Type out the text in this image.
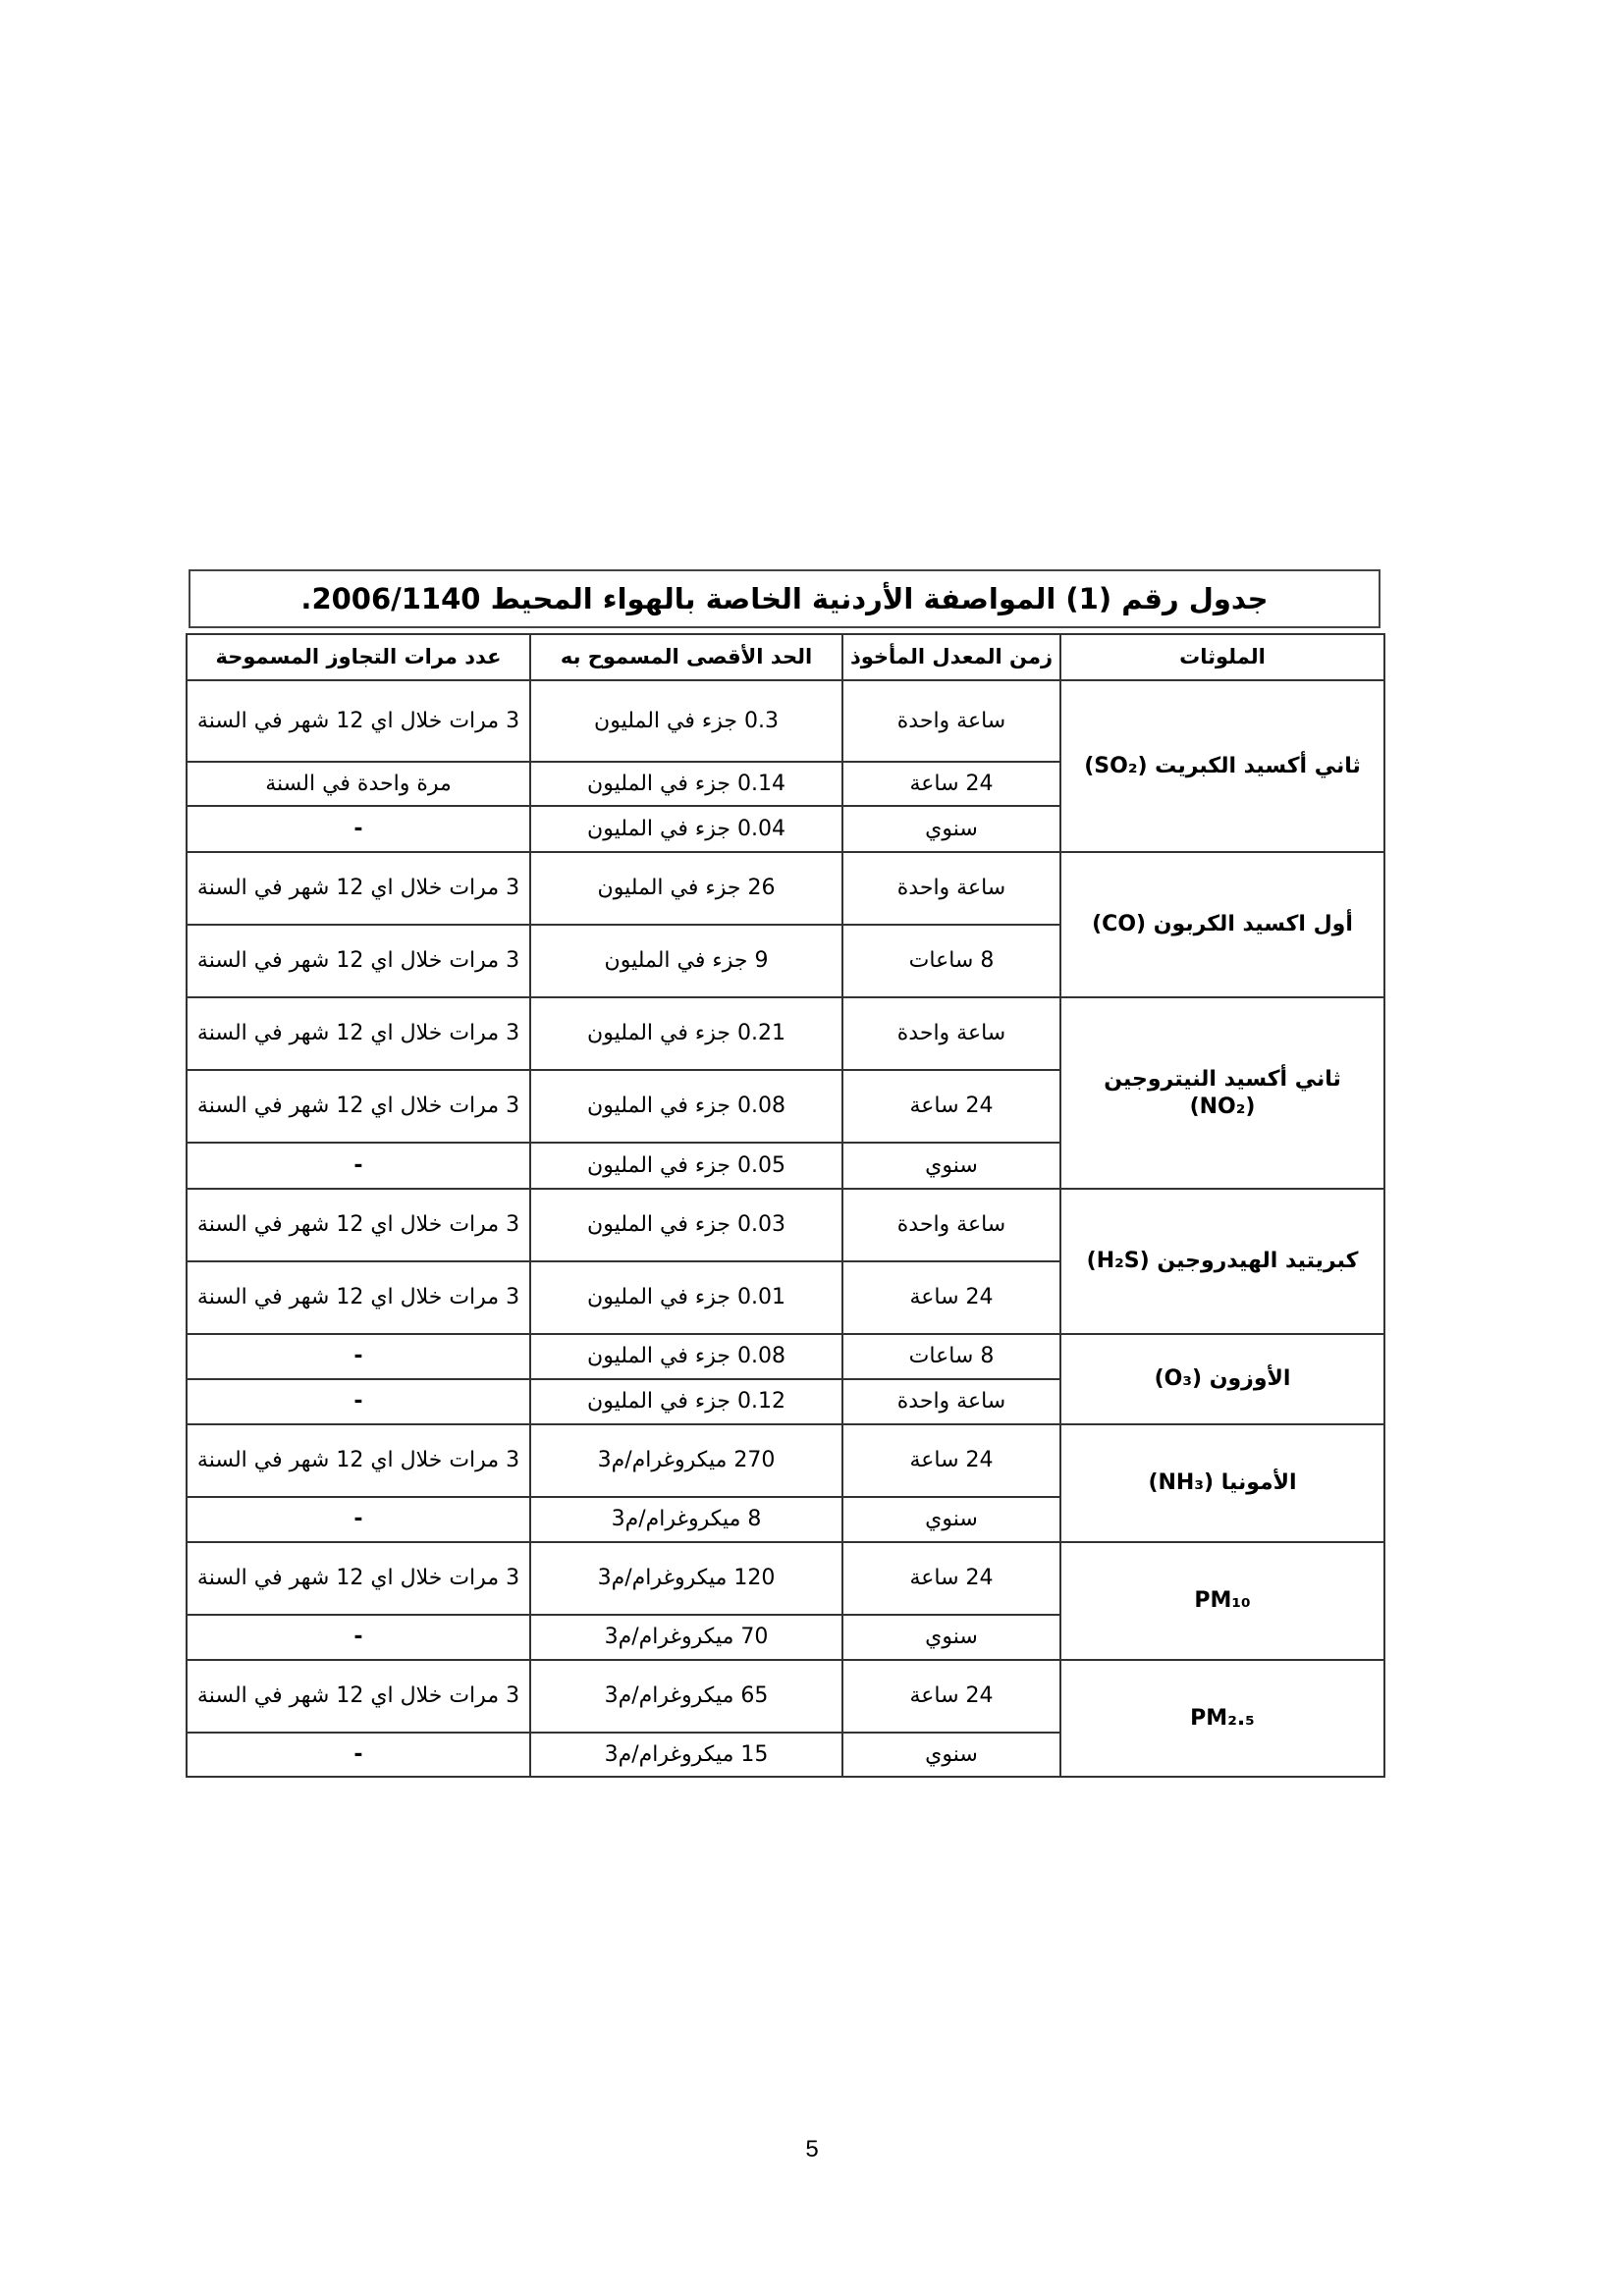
جدول رقم (1) المواصفة الأردنية الخاصة بالهواء المحيط 2006/1140.
الملوثات	زمن المعدل المأخوذ	الحد الأقصى المسموح به	عدد مرات التجاوز المسموحة
ثاني أكسيد الكبريت (SO₂)	ساعة واحدة	0.3 جزء في المليون	3 مرات خلال اي 12 شهر في السنة
	24 ساعة	0.14 جزء في المليون	مرة واحدة في السنة
	سنوي	0.04 جزء في المليون	-
أول اكسيد الكربون (CO)	ساعة واحدة	26 جزء في المليون	3 مرات خلال اي 12 شهر في السنة
	8 ساعات	9 جزء في المليون	3 مرات خلال اي 12 شهر في السنة
ثاني أكسيد النيتروجين (NO₂)	ساعة واحدة	0.21 جزء في المليون	3 مرات خلال اي 12 شهر في السنة
	24 ساعة	0.08 جزء في المليون	3 مرات خلال اي 12 شهر في السنة
	سنوي	0.05 جزء في المليون	-
كبريتيد الهيدروجين (H₂S)	ساعة واحدة	0.03 جزء في المليون	3 مرات خلال اي 12 شهر في السنة
	24 ساعة	0.01 جزء في المليون	3 مرات خلال اي 12 شهر في السنة
الأوزون (O₃)	8 ساعات	0.08 جزء في المليون	-
	ساعة واحدة	0.12 جزء في المليون	-
الأمونيا (NH₃)	24 ساعة	270 ميكروغرام/م3	3 مرات خلال اي 12 شهر في السنة
	سنوي	8 ميكروغرام/م3	-
PM₁₀	24 ساعة	120 ميكروغرام/م3	3 مرات خلال اي 12 شهر في السنة
	سنوي	70 ميكروغرام/م3	-
PM₂.₅	24 ساعة	65 ميكروغرام/م3	3 مرات خلال اي 12 شهر في السنة
	سنوي	15 ميكروغرام/م3	-
5
